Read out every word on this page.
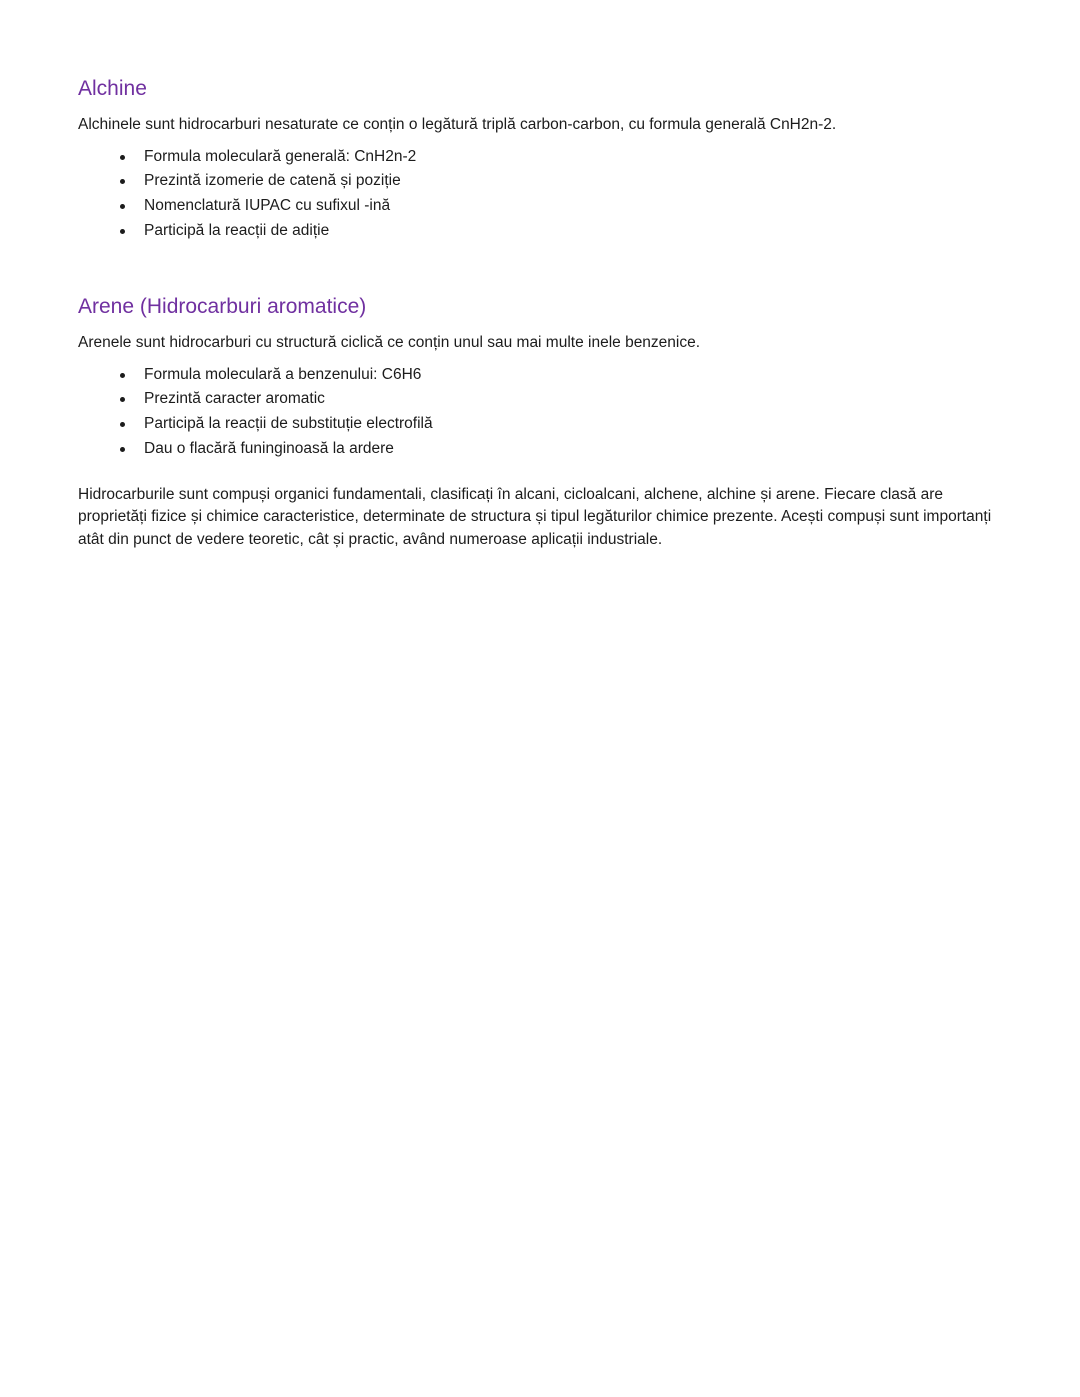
Alchine

Alchinele sunt hidrocarburi nesaturate ce conțin o legătură triplă carbon-carbon, cu formula generală CnH2n-2.

Formula moleculară generală: CnH2n-2
Prezintă izomerie de catenă și poziție
Nomenclatură IUPAC cu sufixul -ină
Participă la reacții de adiție
Arene (Hidrocarburi aromatice)

Arenele sunt hidrocarburi cu structură ciclică ce conțin unul sau mai multe inele benzenice.

Formula moleculară a benzenului: C6H6
Prezintă caracter aromatic
Participă la reacții de substituție electrofilă
Dau o flacără funinginoasă la ardere

Hidrocarburile sunt compuși organici fundamentali, clasificați în alcani, cicloalcani, alchene, alchine și arene. Fiecare clasă are proprietăți fizice și chimice caracteristice, determinate de structura și tipul legăturilor chimice prezente. Acești compuși sunt importanți atât din punct de vedere teoretic, cât și practic, având numeroase aplicații industriale.
